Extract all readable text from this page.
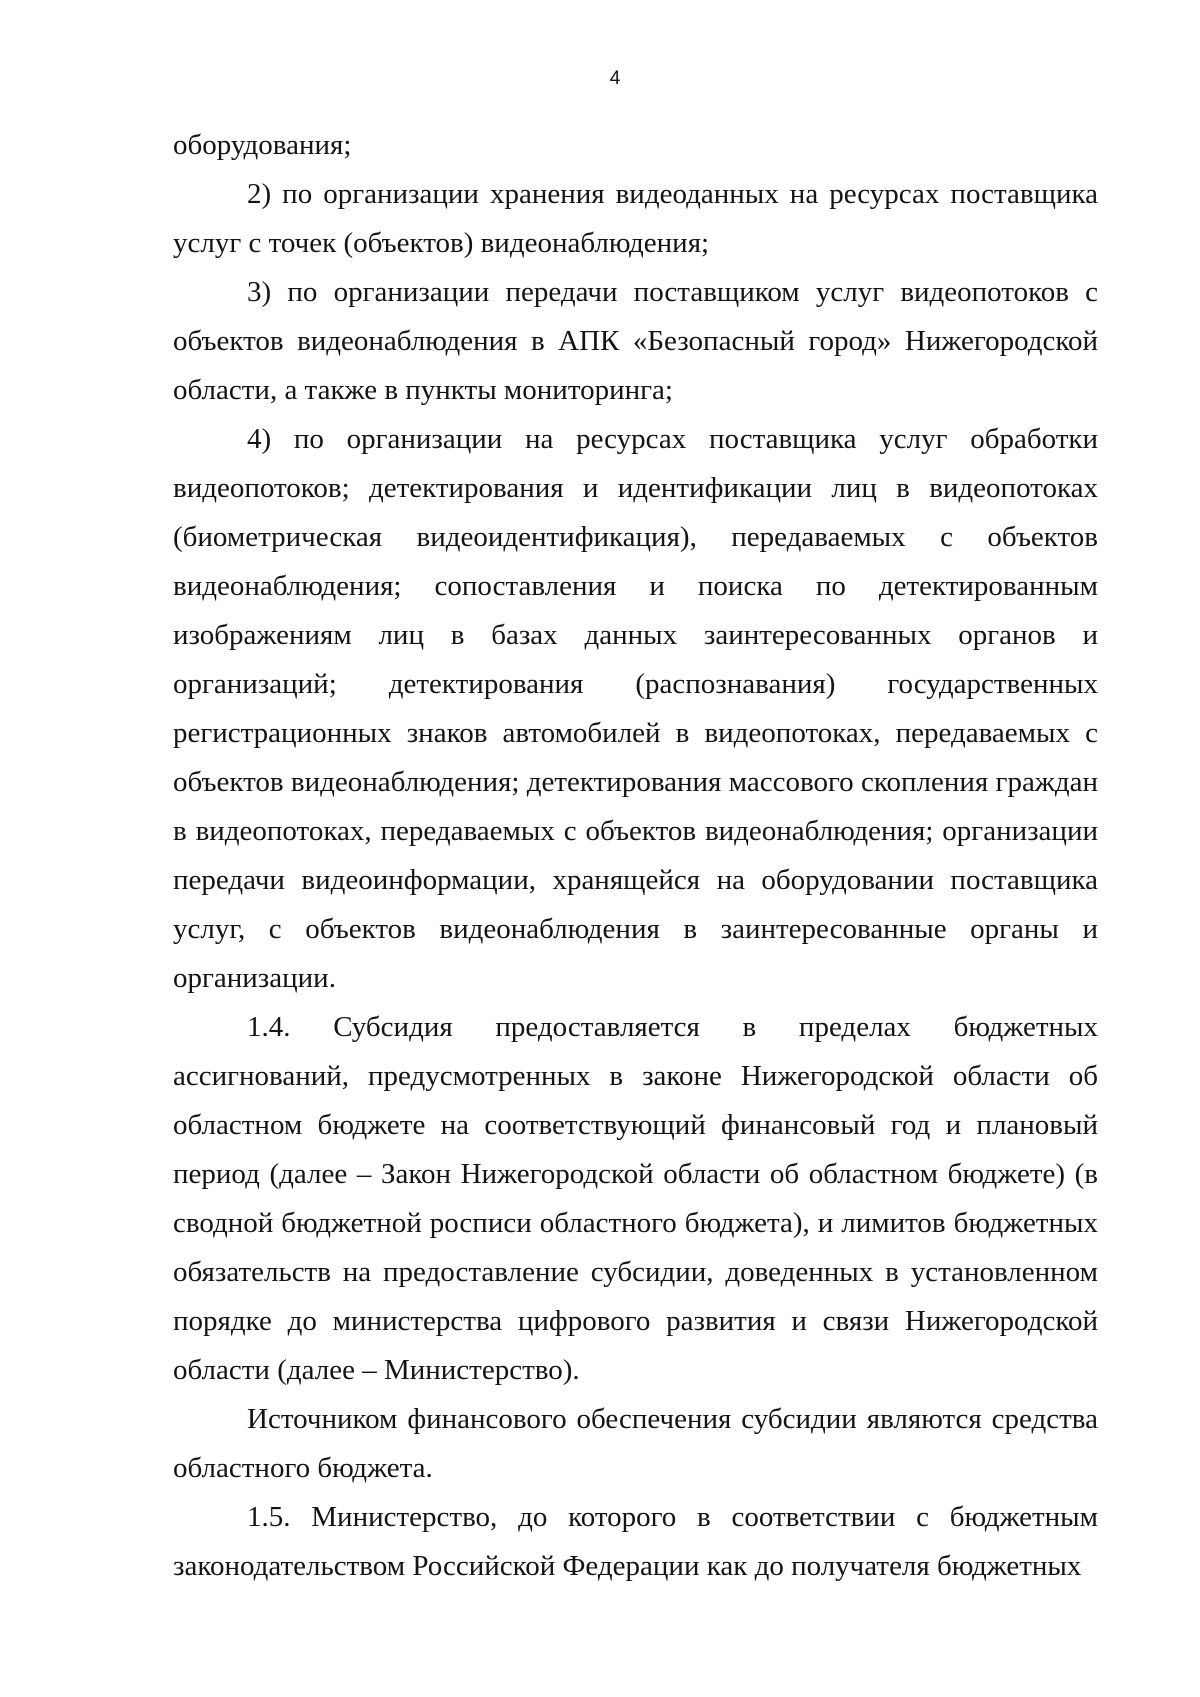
4

оборудования;

2) по организации хранения видеоданных на ресурсах поставщика услуг с точек (объектов) видеонаблюдения;

3) по организации передачи поставщиком услуг видеопотоков с объектов видеонаблюдения в АПК «Безопасный город» Нижегородской области, а также в пункты мониторинга;

4) по организации на ресурсах поставщика услуг обработки видеопотоков; детектирования и идентификации лиц в видеопотоках (биометрическая видеоидентификация), передаваемых с объектов видеонаблюдения; сопоставления и поиска по детектированным изображениям лиц в базах данных заинтересованных органов и организаций; детектирования (распознавания) государственных регистрационных знаков автомобилей в видеопотоках, передаваемых с объектов видеонаблюдения; детектирования массового скопления граждан в видеопотоках, передаваемых с объектов видеонаблюдения; организации передачи видеоинформации, хранящейся на оборудовании поставщика услуг, с объектов видеонаблюдения в заинтересованные органы и организации.

1.4. Субсидия предоставляется в пределах бюджетных ассигнований, предусмотренных в законе Нижегородской области об областном бюджете на соответствующий финансовый год и плановый период (далее – Закон Нижегородской области об областном бюджете) (в сводной бюджетной росписи областного бюджета), и лимитов бюджетных обязательств на предоставление субсидии, доведенных в установленном порядке до министерства цифрового развития и связи Нижегородской области (далее – Министерство).

Источником финансового обеспечения субсидии являются средства областного бюджета.

1.5. Министерство, до которого в соответствии с бюджетным законодательством Российской Федерации как до получателя бюджетных
